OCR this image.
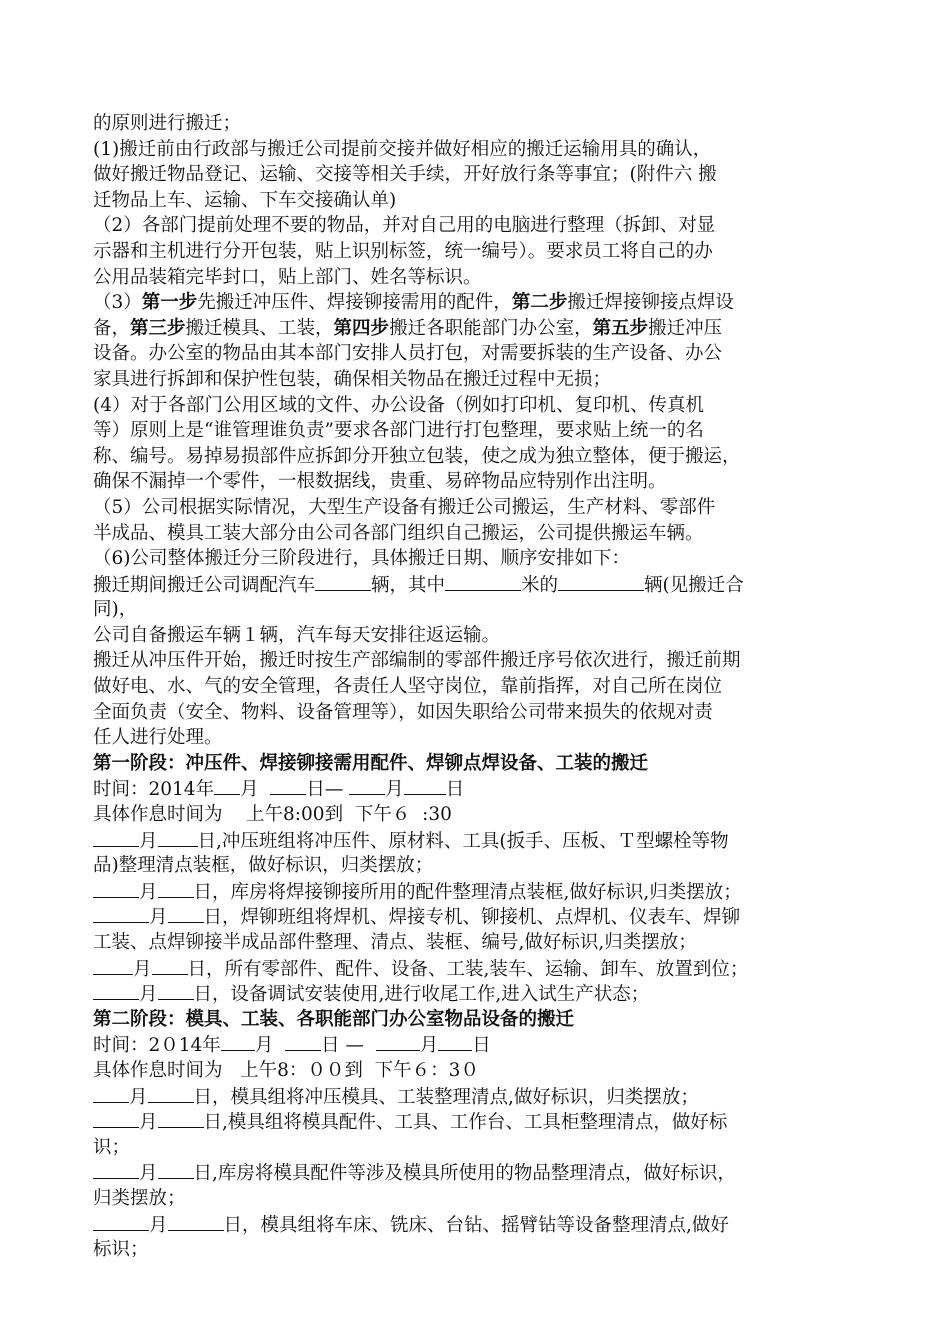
的原则进行搬迁；
(1)搬迁前由行政部与搬迁公司提前交接并做好相应的搬迁运输用具的确认，
做好搬迁物品登记、运输、交接等相关手续，开好放行条等事宜；(附件六 搬
迁物品上车、运输、下车交接确认单)
（2）各部门提前处理不要的物品，并对自己用的电脑进行整理（拆卸、对显
示器和主机进行分开包装，贴上识别标签，统一编号）。要求员工将自己的办
公用品装箱完毕封口，贴上部门、姓名等标识。
（3）第一步先搬迁冲压件、焊接铆接需用的配件，第二步搬迁焊接铆接点焊设
备，第三步搬迁模具、工装，第四步搬迁各职能部门办公室，第五步搬迁冲压
设备。办公室的物品由其本部门安排人员打包，对需要拆装的生产设备、办公
家具进行拆卸和保护性包装，确保相关物品在搬迁过程中无损；
(4）对于各部门公用区域的文件、办公设备（例如打印机、复印机、传真机
等）原则上是“谁管理谁负责”要求各部门进行打包整理，要求贴上统一的名
称、编号。易掉易损部件应拆卸分开独立包装，使之成为独立整体，便于搬运，
确保不漏掉一个零件，一根数据线，贵重、易碎物品应特别作出注明。
（5）公司根据实际情况，大型生产设备有搬迁公司搬运，生产材料、零部件
半成品、模具工装大部分由公司各部门组织自己搬运，公司提供搬运车辆。
（6)公司整体搬迁分三阶段进行，具体搬迁日期、顺序安排如下：
搬迁期间搬迁公司调配汽车	辆，其中	米的	辆(见搬迁合
同)，
公司自备搬运车辆１辆，汽车每天安排往返运输。
搬迁从冲压件开始，搬迁时按生产部编制的零部件搬迁序号依次进行，搬迁前期
做好电、水、气的安全管理，各责任人坚守岗位，靠前指挥，对自己所在岗位
全面负责（安全、物料、设备管理等），如因失职给公司带来损失的依规对责
任人进行处理。
第一阶段：冲压件、焊接铆接需用配件、焊铆点焊设备、工装的搬迁
时间：2014年 月	日— 月 日
具体作息时间为    上午8:00到  下午６  :30
月 日,冲压班组将冲压件、原材料、工具(扳手、压板、Ｔ型螺栓等物
品)整理清点装框，做好标识，归类摆放；
月 日，库房将焊接铆接所用的配件整理清点装框,做好标识,归类摆放；
月 日，焊铆班组将焊机、焊接专机、铆接机、点焊机、仪表车、焊铆
工装、点焊铆接半成品部件整理、清点、装框、编号,做好标识,归类摆放；
月 日，所有零部件、配件、设备、工装,装车、运输、卸车、放置到位；
月 日，设备调试安装使用,进行收尾工作,进入试生产状态；
第二阶段：模具、工装、各职能部门办公室物品设备的搬迁
时间：2０14年 月	日 —	月 日
具体作息时间为   上午8：００到  下午６：3０
月 日，模具组将冲压模具、工装整理清点,做好标识，归类摆放；
月 日,模具组将模具配件、工具、工作台、工具柜整理清点，做好标
识；
月 日,库房将模具配件等涉及模具所使用的物品整理清点，做好标识，
归类摆放；
月	日，模具组将车床、铣床、台钻、摇臂钻等设备整理清点,做好
标识；
